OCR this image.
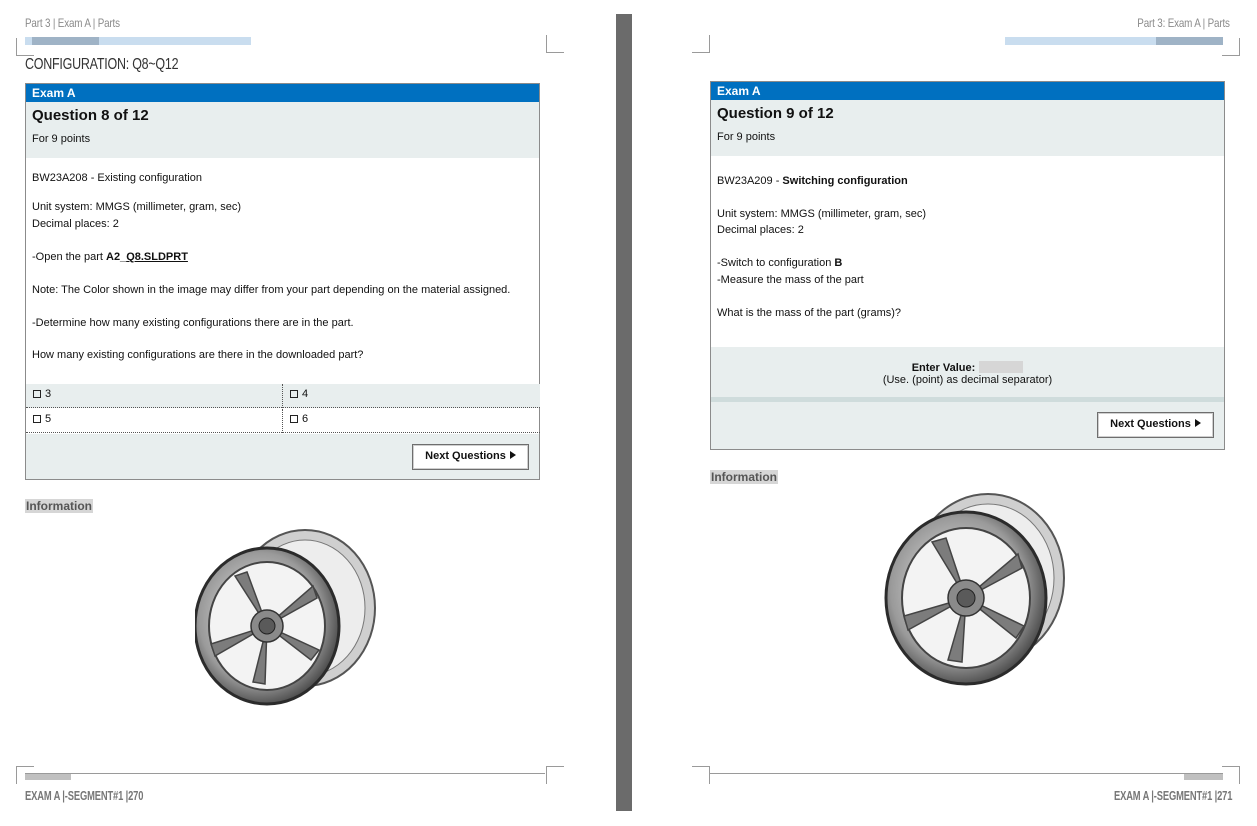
Part 3 | Exam A | Parts
CONFIGURATION: Q8~Q12
Exam A
Question 8 of 12
For 9 points

BW23A208 - Existing configuration

Unit system: MMGS (millimeter, gram, sec)

Decimal places: 2

-Open the part A2_Q8.SLDPRT

Note: The Color shown in the image may differ from your part depending on the material assigned.

-Determine how many existing configurations there are in the part.

How many existing configurations are there in the downloaded part?

3	4
5	6
Next Questions
Information
EXAM A |-SEGMENT#1 |270
Part 3: Exam A | Parts
Exam A
Question 9 of 12
For 9 points

BW23A209 - Switching configuration

Unit system: MMGS (millimeter, gram, sec)

Decimal places: 2

-Switch to configuration B

-Measure the mass of the part

What is the mass of the part (grams)?

Enter Value:
(Use. (point) as decimal separator)
Next Questions
Information
EXAM A |-SEGMENT#1 |271
